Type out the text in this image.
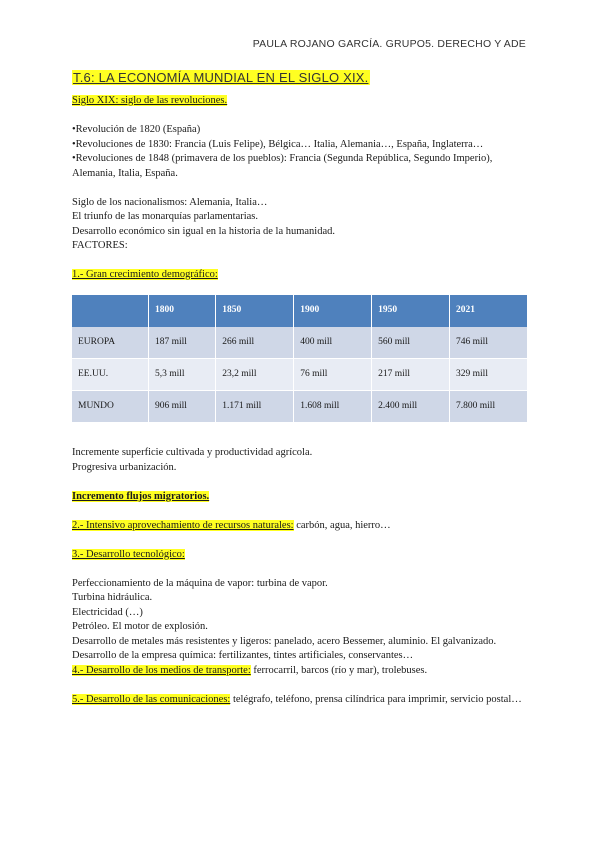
PAULA ROJANO GARCÍA. GRUPO5. DERECHO Y ADE
T.6: LA ECONOMÍA MUNDIAL EN EL SIGLO XIX.

Siglo XIX: siglo de las revoluciones.

•Revolución de 1820 (España)

•Revoluciones de 1830: Francia (Luis Felipe), Bélgica… Italia, Alemania…, España, Inglaterra…

•Revoluciones de 1848 (primavera de los pueblos): Francia (Segunda República, Segundo Imperio), Alemania, Italia, España.

Siglo de los nacionalismos: Alemania, Italia…

El triunfo de las monarquías parlamentarias.

Desarrollo económico sin igual en la historia de la humanidad.

FACTORES:

1.- Gran crecimiento demográfico:

	1800	1850	1900	1950	2021
EUROPA	187 mill	266 mill	400 mill	560 mill	746 mill
EE.UU.	5,3 mill	23,2 mill	76 mill	217 mill	329 mill
MUNDO	906 mill	1.171 mill	1.608 mill	2.400 mill	7.800 mill

Incremente superficie cultivada y productividad agrícola.

Progresiva urbanización.

Incremento flujos migratorios.

2.- Intensivo aprovechamiento de recursos naturales: carbón, agua, hierro…

3.- Desarrollo tecnológico:

Perfeccionamiento de la máquina de vapor: turbina de vapor.

Turbina hidráulica.

Electricidad (…)

Petróleo. El motor de explosión.

Desarrollo de metales más resistentes y ligeros: panelado, acero Bessemer, aluminio. El galvanizado.

Desarrollo de la empresa química: fertilizantes, tintes artificiales, conservantes…

4.- Desarrollo de los medios de transporte: ferrocarril, barcos (río y mar), trolebuses.

5.- Desarrollo de las comunicaciones: telégrafo, teléfono, prensa cilíndrica para imprimir, servicio postal…
